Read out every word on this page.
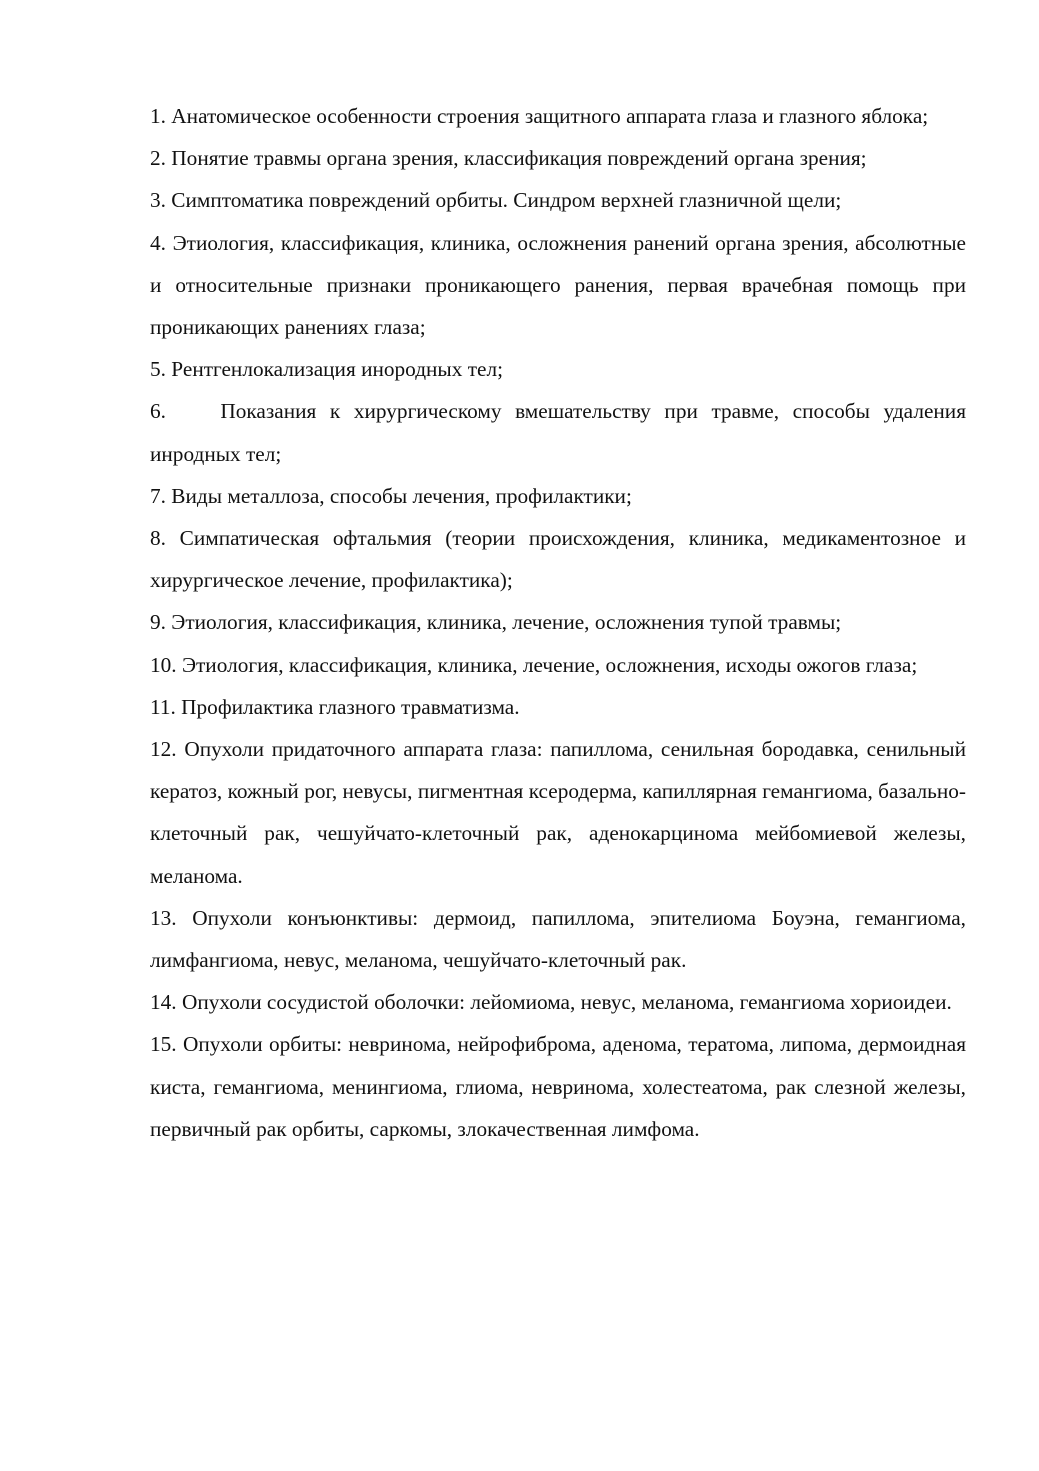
1. Анатомическое особенности строения защитного аппарата глаза и глазного яблока;

2. Понятие травмы органа зрения, классификация повреждений органа зрения;

3. Симптоматика повреждений орбиты. Синдром верхней глазничной щели;

4. Этиология, классификация, клиника, осложнения ранений органа зрения, абсолютные и относительные признаки проникающего ранения, первая врачебная помощь при проникающих ранениях глаза;

5. Рентгенлокализация инородных тел;

6.    Показания к хирургическому вмешательству при травме, способы удаления инродных тел;

7. Виды металлоза, способы лечения, профилактики;

8. Симпатическая офтальмия (теории происхождения, клиника, медикаментозное и хирургическое лечение, профилактика);

9. Этиология, классификация, клиника, лечение, осложнения тупой травмы;

10. Этиология, классификация, клиника, лечение, осложнения, исходы ожогов глаза;

11. Профилактика глазного травматизма.

12. Опухоли придаточного аппарата глаза: папиллома, сенильная бородавка, сенильный кератоз, кожный рог, невусы, пигментная ксеродерма, капиллярная гемангиома, базально-клеточный рак, чешуйчато-клеточный рак, аденокарцинома мейбомиевой железы, меланома.

13. Опухоли конъюнктивы: дермоид, папиллома, эпителиома Боуэна, гемангиома, лимфангиома, невус, меланома, чешуйчато-клеточный рак.

14. Опухоли сосудистой оболочки: лейомиома, невус, меланома, гемангиома хориоидеи.

15. Опухоли орбиты: невринома, нейрофиброма, аденома, тератома, липома, дермоидная киста, гемангиома, менингиома, глиома, невринома, холестеатома, рак слезной железы, первичный рак орбиты, саркомы, злокачественная лимфома.
